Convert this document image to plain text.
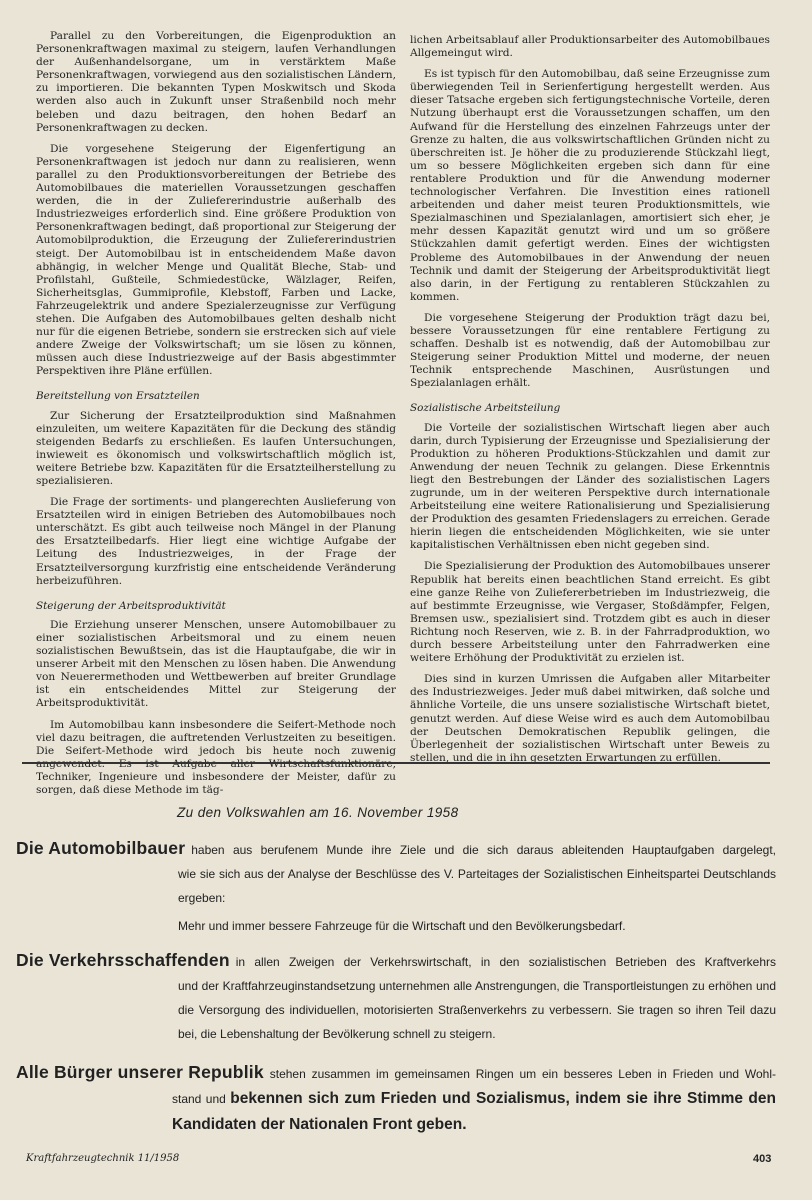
Parallel zu den Vorbereitungen, die Eigenproduktion an Personenkraftwagen maximal zu steigern, laufen Verhandlungen der Außenhandelsorgane, um in verstärktem Maße Personenkraftwagen, vorwiegend aus den sozialistischen Ländern, zu importieren. Die bekannten Typen Moskwitsch und Skoda werden also auch in Zukunft unser Straßenbild noch mehr beleben und dazu beitragen, den hohen Bedarf an Personenkraftwagen zu decken.

Die vorgesehene Steigerung der Eigenfertigung an Personenkraftwagen ist jedoch nur dann zu realisieren, wenn parallel zu den Produktionsvorbereitungen der Betriebe des Automobilbaues die materiellen Voraussetzungen geschaffen werden, die in der Zuliefererindustrie außerhalb des Industriezweiges erforderlich sind. Eine größere Produktion von Personenkraftwagen bedingt, daß proportional zur Steigerung der Automobilproduktion, die Erzeugung der Zuliefererindustrien steigt. Der Automobilbau ist in entscheidendem Maße davon abhängig, in welcher Menge und Qualität Bleche, Stab- und Profilstahl, Gußteile, Schmiedestücke, Wälzlager, Reifen, Sicherheitsglas, Gummiprofile, Klebstoff, Farben und Lacke, Fahrzeugelektrik und andere Spezialerzeugnisse zur Verfügung stehen. Die Aufgaben des Automobilbaues gelten deshalb nicht nur für die eigenen Betriebe, sondern sie erstrecken sich auf viele andere Zweige der Volkswirtschaft; um sie lösen zu können, müssen auch diese Industriezweige auf der Basis abgestimmter Perspektiven ihre Pläne erfüllen.

Bereitstellung von Ersatzteilen

Zur Sicherung der Ersatzteilproduktion sind Maßnahmen einzuleiten, um weitere Kapazitäten für die Deckung des ständig steigenden Bedarfs zu erschließen. Es laufen Untersuchungen, inwieweit es ökonomisch und volkswirtschaftlich möglich ist, weitere Betriebe bzw. Kapazitäten für die Ersatzteilherstellung zu spezialisieren.

Die Frage der sortiments- und plangerechten Auslieferung von Ersatzteilen wird in einigen Betrieben des Automobilbaues noch unterschätzt. Es gibt auch teilweise noch Mängel in der Planung des Ersatzteilbedarfs. Hier liegt eine wichtige Aufgabe der Leitung des Industriezweiges, in der Frage der Ersatzteilversorgung kurzfristig eine entscheidende Veränderung herbeizuführen.

Steigerung der Arbeitsproduktivität

Die Erziehung unserer Menschen, unsere Automobilbauer zu einer sozialistischen Arbeitsmoral und zu einem neuen sozialistischen Bewußtsein, das ist die Hauptaufgabe, die wir in unserer Arbeit mit den Menschen zu lösen haben. Die Anwendung von Neuerermethoden und Wettbewerben auf breiter Grundlage ist ein entscheidendes Mittel zur Steigerung der Arbeitsproduktivität.

Im Automobilbau kann insbesondere die Seifert-Methode noch viel dazu beitragen, die auftretenden Verlustzeiten zu beseitigen. Die Seifert-Methode wird jedoch bis heute noch zuwenig angewendet. Es ist Aufgabe aller Wirtschaftsfunktionäre, Techniker, Ingenieure und insbesondere der Meister, dafür zu sorgen, daß diese Methode im täg-

lichen Arbeitsablauf aller Produktionsarbeiter des Automobilbaues Allgemeingut wird.

Es ist typisch für den Automobilbau, daß seine Erzeugnisse zum überwiegenden Teil in Serienfertigung hergestellt werden. Aus dieser Tatsache ergeben sich fertigungstechnische Vorteile, deren Nutzung überhaupt erst die Voraussetzungen schaffen, um den Aufwand für die Herstellung des einzelnen Fahrzeugs unter der Grenze zu halten, die aus volkswirtschaftlichen Gründen nicht zu überschreiten ist. Je höher die zu produzierende Stückzahl liegt, um so bessere Möglichkeiten ergeben sich dann für eine rentablere Produktion und für die Anwendung moderner technologischer Verfahren. Die Investition eines rationell arbeitenden und daher meist teuren Produktionsmittels, wie Spezialmaschinen und Spezialanlagen, amortisiert sich eher, je mehr dessen Kapazität genutzt wird und um so größere Stückzahlen damit gefertigt werden. Eines der wichtigsten Probleme des Automobilbaues in der Anwendung der neuen Technik und damit der Steigerung der Arbeitsproduktivität liegt also darin, in der Fertigung zu rentableren Stückzahlen zu kommen.

Die vorgesehene Steigerung der Produktion trägt dazu bei, bessere Voraussetzungen für eine rentablere Fertigung zu schaffen. Deshalb ist es notwendig, daß der Automobilbau zur Steigerung seiner Produktion Mittel und moderne, der neuen Technik entsprechende Maschinen, Ausrüstungen und Spezialanlagen erhält.

Sozialistische Arbeitsteilung

Die Vorteile der sozialistischen Wirtschaft liegen aber auch darin, durch Typisierung der Erzeugnisse und Spezialisierung der Produktion zu höheren Produktions-Stückzahlen und damit zur Anwendung der neuen Technik zu gelangen. Diese Erkenntnis liegt den Bestrebungen der Länder des sozialistischen Lagers zugrunde, um in der weiteren Perspektive durch internationale Arbeitsteilung eine weitere Rationalisierung und Spezialisierung der Produktion des gesamten Friedenslagers zu erreichen. Gerade hierin liegen die entscheidenden Möglichkeiten, wie sie unter kapitalistischen Verhältnissen eben nicht gegeben sind.

Die Spezialisierung der Produktion des Automobilbaues unserer Republik hat bereits einen beachtlichen Stand erreicht. Es gibt eine ganze Reihe von Zuliefererbetrieben im Industriezweig, die auf bestimmte Erzeugnisse, wie Vergaser, Stoßdämpfer, Felgen, Bremsen usw., spezialisiert sind. Trotzdem gibt es auch in dieser Richtung noch Reserven, wie z. B. in der Fahrradproduktion, wo durch bessere Arbeitsteilung unter den Fahrradwerken eine weitere Erhöhung der Produktivität zu erzielen ist.

Dies sind in kurzen Umrissen die Aufgaben aller Mitarbeiter des Industriezweiges. Jeder muß dabei mitwirken, daß solche und ähnliche Vorteile, die uns unsere sozialistische Wirtschaft bietet, genutzt werden. Auf diese Weise wird es auch dem Automobilbau der Deutschen Demokratischen Republik gelingen, die Überlegenheit der sozialistischen Wirtschaft unter Beweis zu stellen, und die in ihn gesetzten Erwartungen zu erfüllen.

Zu den Volkswahlen am 16. November 1958
Die Automobilbauer haben aus berufenem Munde ihre Ziele und die sich daraus ableitenden Hauptaufgaben dargelegt,
wie sie sich aus der Analyse der Beschlüsse des V. Parteitages der Sozialistischen Einheitspartei Deutschlands ergeben:
Mehr und immer bessere Fahrzeuge für die Wirtschaft und den Bevölkerungsbedarf.
Die Verkehrsschaffenden in allen Zweigen der Verkehrswirtschaft, in den sozialistischen Betrieben des Kraftverkehrs
und der Kraftfahrzeuginstandsetzung unternehmen alle Anstrengungen, die Transportleistungen zu erhöhen und die Versorgung des individuellen, motorisierten Straßenverkehrs zu verbessern. Sie tragen so ihren Teil dazu bei, die Lebenshaltung der Bevölkerung schnell zu steigern.
Alle Bürger unserer Republik stehen zusammen im gemeinsamen Ringen um ein besseres Leben in Frieden und Wohl-
stand und bekennen sich zum Frieden und Sozialismus, indem sie ihre Stimme den Kandidaten der Nationalen Front geben.
Kraftfahrzeugtechnik 11/1958	403
